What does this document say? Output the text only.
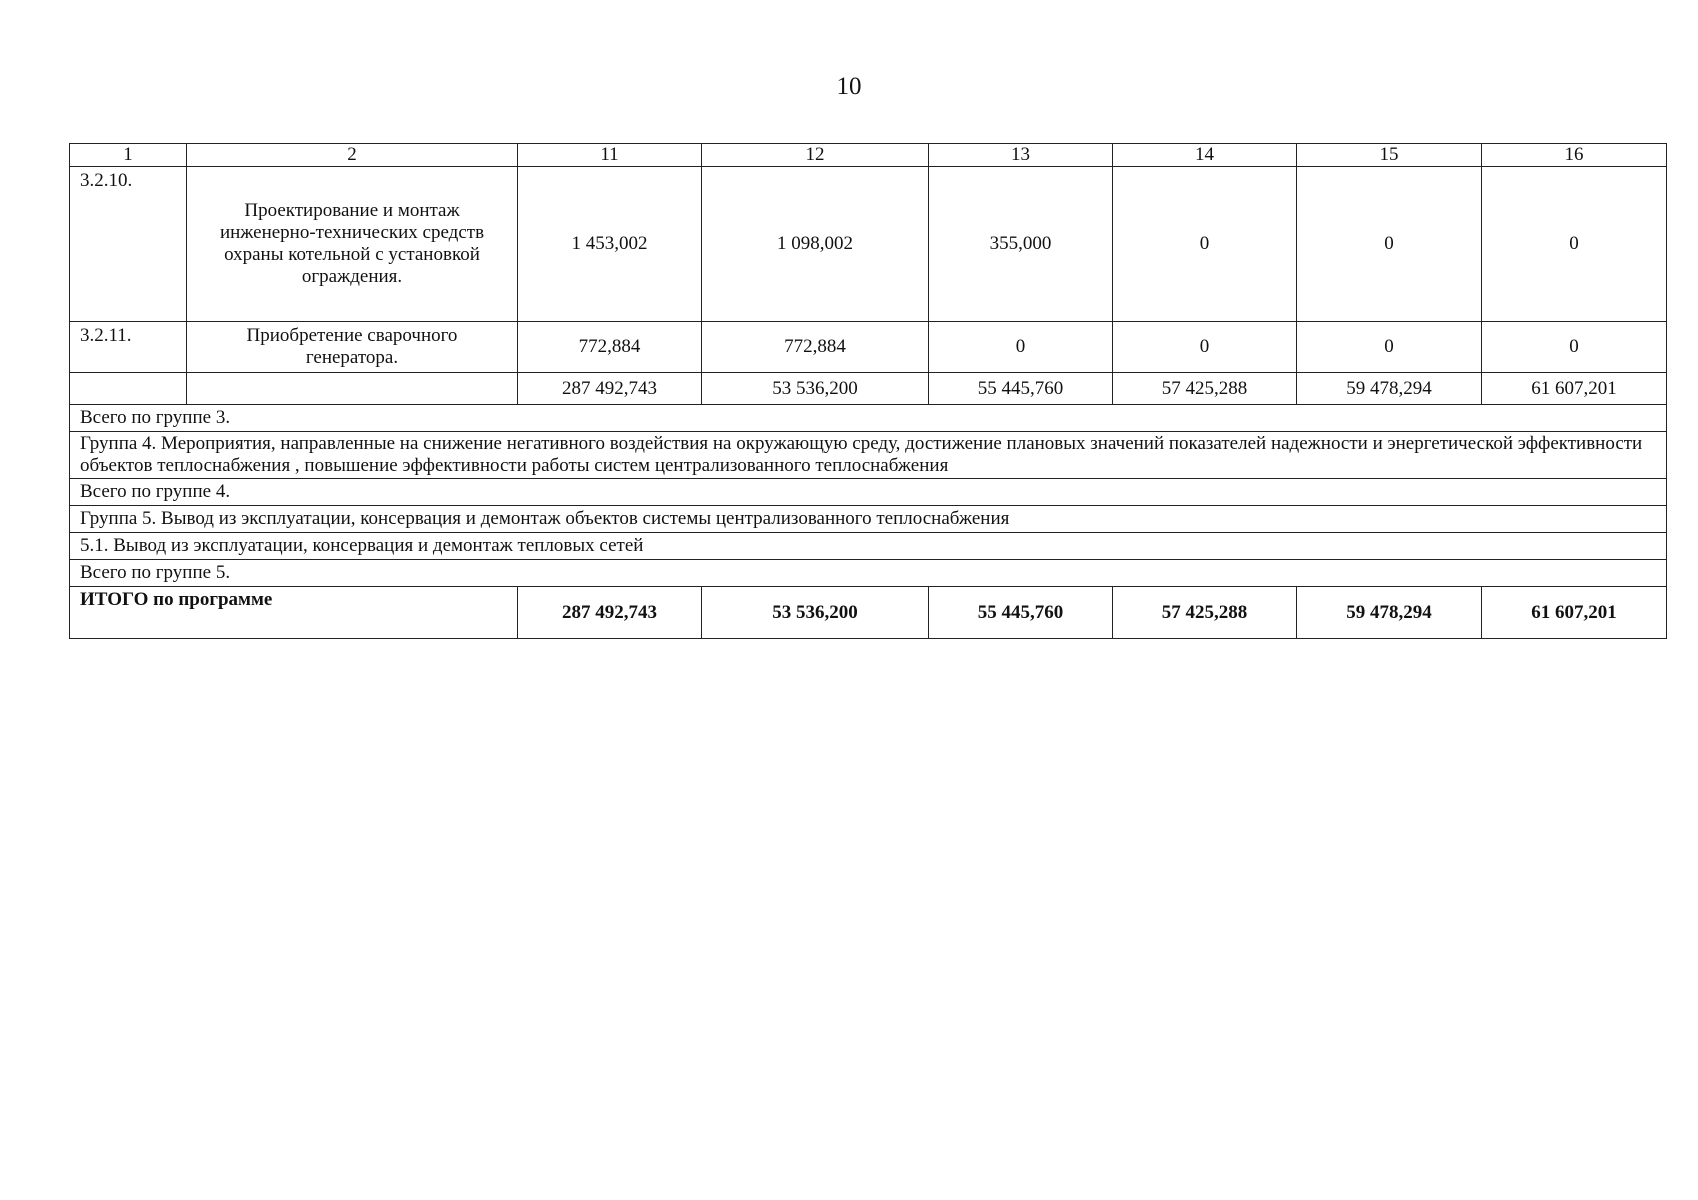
10
1	2	11	12	13	14	15	16
3.2.10.	Проектирование и монтаж инженерно-технических средств охраны котельной с установкой ограждения.	1 453,002	1 098,002	355,000	0	0	0
3.2.11.	Приобретение сварочного генератора.	772,884	772,884	0	0	0	0
		287 492,743	53 536,200	55 445,760	57 425,288	59 478,294	61 607,201
Всего по группе 3.							
Группа 4. Мероприятия, направленные на снижение негативного воздействия на окружающую среду, достижение плановых значений показателей надежности и энергетической эффективности объектов теплоснабжения , повышение эффективности работы систем централизованного теплоснабжения							
Всего по группе 4.							
Группа 5. Вывод из эксплуатации, консервация и демонтаж объектов системы централизованного теплоснабжения							
5.1. Вывод из эксплуатации, консервация и демонтаж тепловых сетей							
Всего по группе 5.							
ИТОГО по программе		287 492,743	53 536,200	55 445,760	57 425,288	59 478,294	61 607,201
